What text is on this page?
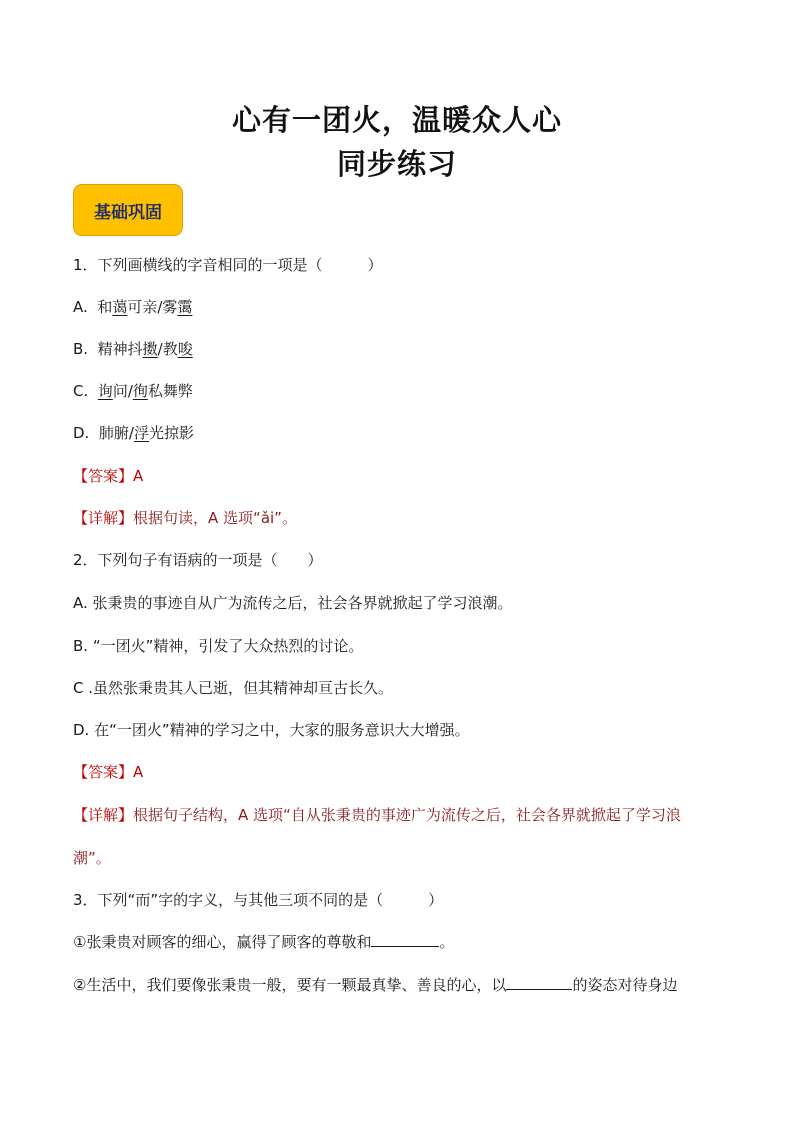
心有一团火，温暖众人心
同步练习
基础巩固
1．下列画横线的字音相同的一项是（　　　）
A. 和蔼可亲/雾霭
B. 精神抖擞/教唆
C. 询问/徇私舞弊
D. 肺腑/浮光掠影
【答案】A
【详解】根据句读，A 选项“ǎi”。
2．下列句子有语病的一项是（　　）
A. 张秉贵的事迹自从广为流传之后，社会各界就掀起了学习浪潮。
B. “一团火”精神，引发了大众热烈的讨论。
C .虽然张秉贵其人已逝，但其精神却亘古长久。
D. 在“一团火”精神的学习之中，大家的服务意识大大增强。
【答案】A
【详解】根据句子结构，A 选项“自从张秉贵的事迹广为流传之后，社会各界就掀起了学习浪
潮”。
3．下列“而”字的字义，与其他三项不同的是（　　　）
①张秉贵对顾客的细心，赢得了顾客的尊敬和	。
②生活中，我们要像张秉贵一般，要有一颗最真挚、善良的心，以	的姿态对待身边
